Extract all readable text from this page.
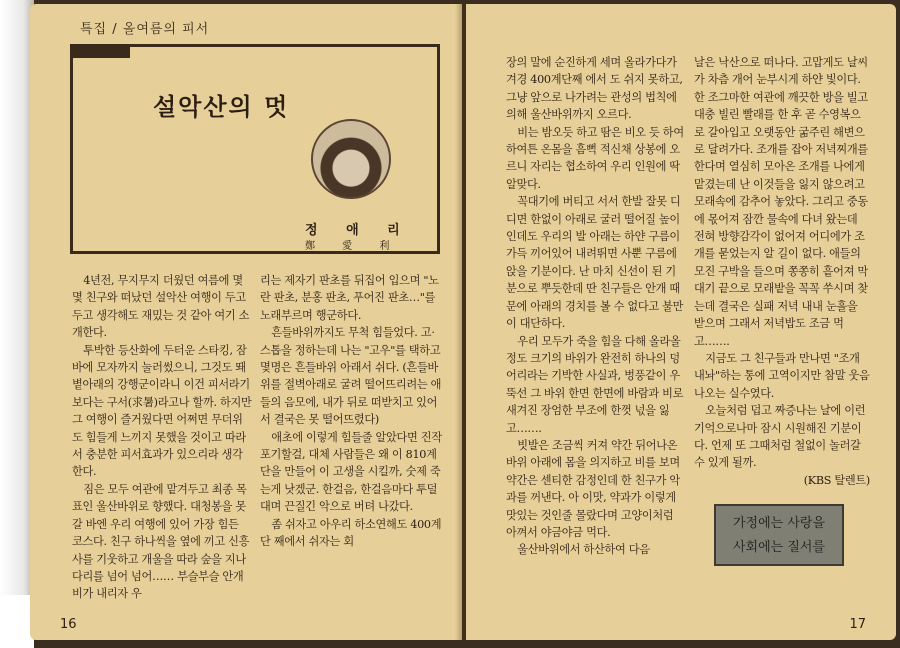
특집 / 올여름의 피서
설악산의 멋
정 애 리
鄭 愛 利

4년전, 무지무지 더웠던 여름에 몇몇 친구와 떠났던 설악산 여행이 두고두고 생각해도 재밌는 것 같아 여기 소개한다.

투박한 등산화에 두터운 스타킹, 잠바에 모자까지 눌러썼으니, 그것도 뙈볕아래의 강행군이라니 이건 피서라기보다는 구서(求暑)라고나 할까. 하지만 그 여행이 즐거웠다면 어쩌면 무더위도 힘들게 느끼지 못했을 것이고 따라서 충분한 피서효과가 있으리라 생각한다.

짐은 모두 여관에 맡겨두고 최종 목표인 울산바위로 향했다. 대청봉을 못갈 바엔 우리 여행에 있어 가장 힘든 코스다. 친구 하나씩을 옆에 끼고 신흥사를 기웃하고 개울을 따라 숲을 지나 다리를 넘어 넘어…… 부슬부슬 안개비가 내리자 우

리는 제자기 판초를 뒤집어 입으며 "노란 판초, 분홍 판초, 푸어진 판초…"를 노래부르며 행군하다.

흔들바위까지도 무척 힘들었다. 고·스톱을 정하는데 나는 "고우"를 택하고 몇명은 흔들바위 아래서 쉬다. (흔들바위를 절벽아래로 굴려 떨어뜨리려는 애들의 음모에, 내가 뒤로 떠받치고 있어서 결국은 못 떨어뜨렸다)

애초에 이렇게 힘들줄 알았다면 진작 포기할걸, 대체 사람들은 왜 이 810계단을 만들어 이 고생을 시킬까, 숫제 죽는게 낫겠군. 한걸음, 한걸음마다 투덜대며 끈질긴 악으로 버텨 나갔다.

좀 쉬자고 아우리 하소연해도 400계단 째에서 쉬자는 회

16

장의 말에 순진하게 세며 올라가다가 겨경 400계단째 에서 도 쉬지 못하고, 그냥 앞으로 나가려는 관성의 법칙에 의해 울산바위까지 오르다.

비는 밤오듯 하고 땀은 비오 듯 하여 하여튼 온몸을 흠뻑 적신채 상봉에 오르니 자리는 협소하여 우리 인원에 딱 알맞다.

꼭대기에 버티고 서서 한발 잘못 디디면 한없이 아래로 굴러 떨어질 높이인데도 우리의 발 아래는 하얀 구름이 가득 끼어있어 내려뛰면 사뿐 구름에 앉을 기분이다. 난 마치 신선이 된 기분으로 뿌듯한데 딴 친구들은 안개 때문에 아래의 경치를 볼 수 없다고 불만이 대단하다.

우리 모두가 죽을 힘을 다해 올라올 정도 크기의 바위가 완전히 하나의 덩어리라는 기박한 사실과, 벙풍같이 우뚝선 그 바위 한면 한면에 바람과 비로 새겨진 장엄한 부조에 한껏 넋을 잃고…….

빗발은 조금씩 커져 약간 뒤어나온 바위 아래에 몸을 의지하고 비를 보며 약간은 센티한 감정인데 한 친구가 악과를 꺼낸다. 아 이맛, 약과가 이렇게 맛있는 것인줄 몰랐다며 고양이처럼 아껴서 야금야금 먹다.

울산바위에서 하산하여 다음

날은 낙산으로 떠나다. 고맙게도 날씨가 차츰 개어 눈부시게 하얀 빛이다. 한 조그마한 여관에 깨끗한 방을 빌고 대충 빌린 빨래를 한 후 곧 수영복으로 갈아입고 오랫동안 굶주린 해변으로 달려가다. 조개를 잡아 저녁찌개를 한다며 열심히 모아온 조개를 나에게 맡겼는데 난 이것들을 잃지 않으려고 모래속에 감추어 놓았다. 그리고 중동에 몫어져 잠깐 물속에 다녀 왔는데 전혀 방향감각이 없어져 어디에가 조개를 묻었는지 알 길이 없다. 애들의 모진 구박을 들으며 쫑쫑히 흩어져 막대기 끝으로 모래밭을 꼭꼭 쑤시며 찾는데 결국은 실패 저녁 내내 눈흘을 받으며 그래서 저녁밥도 조금 먹고…….

지금도 그 친구들과 만나면 "조개내놔"하는 통에 고역이지만 참말 웃음나오는 실수였다.

오늘처럼 덥고 짜증나는 날에 이런 기억으로나마 잠시 시원해진 기분이다. 언제 또 그때처럼 철없이 놀러갈 수 있게 될까.

(KBS 탈렌트)

가정에는 사랑을
사회에는 질서를
17
